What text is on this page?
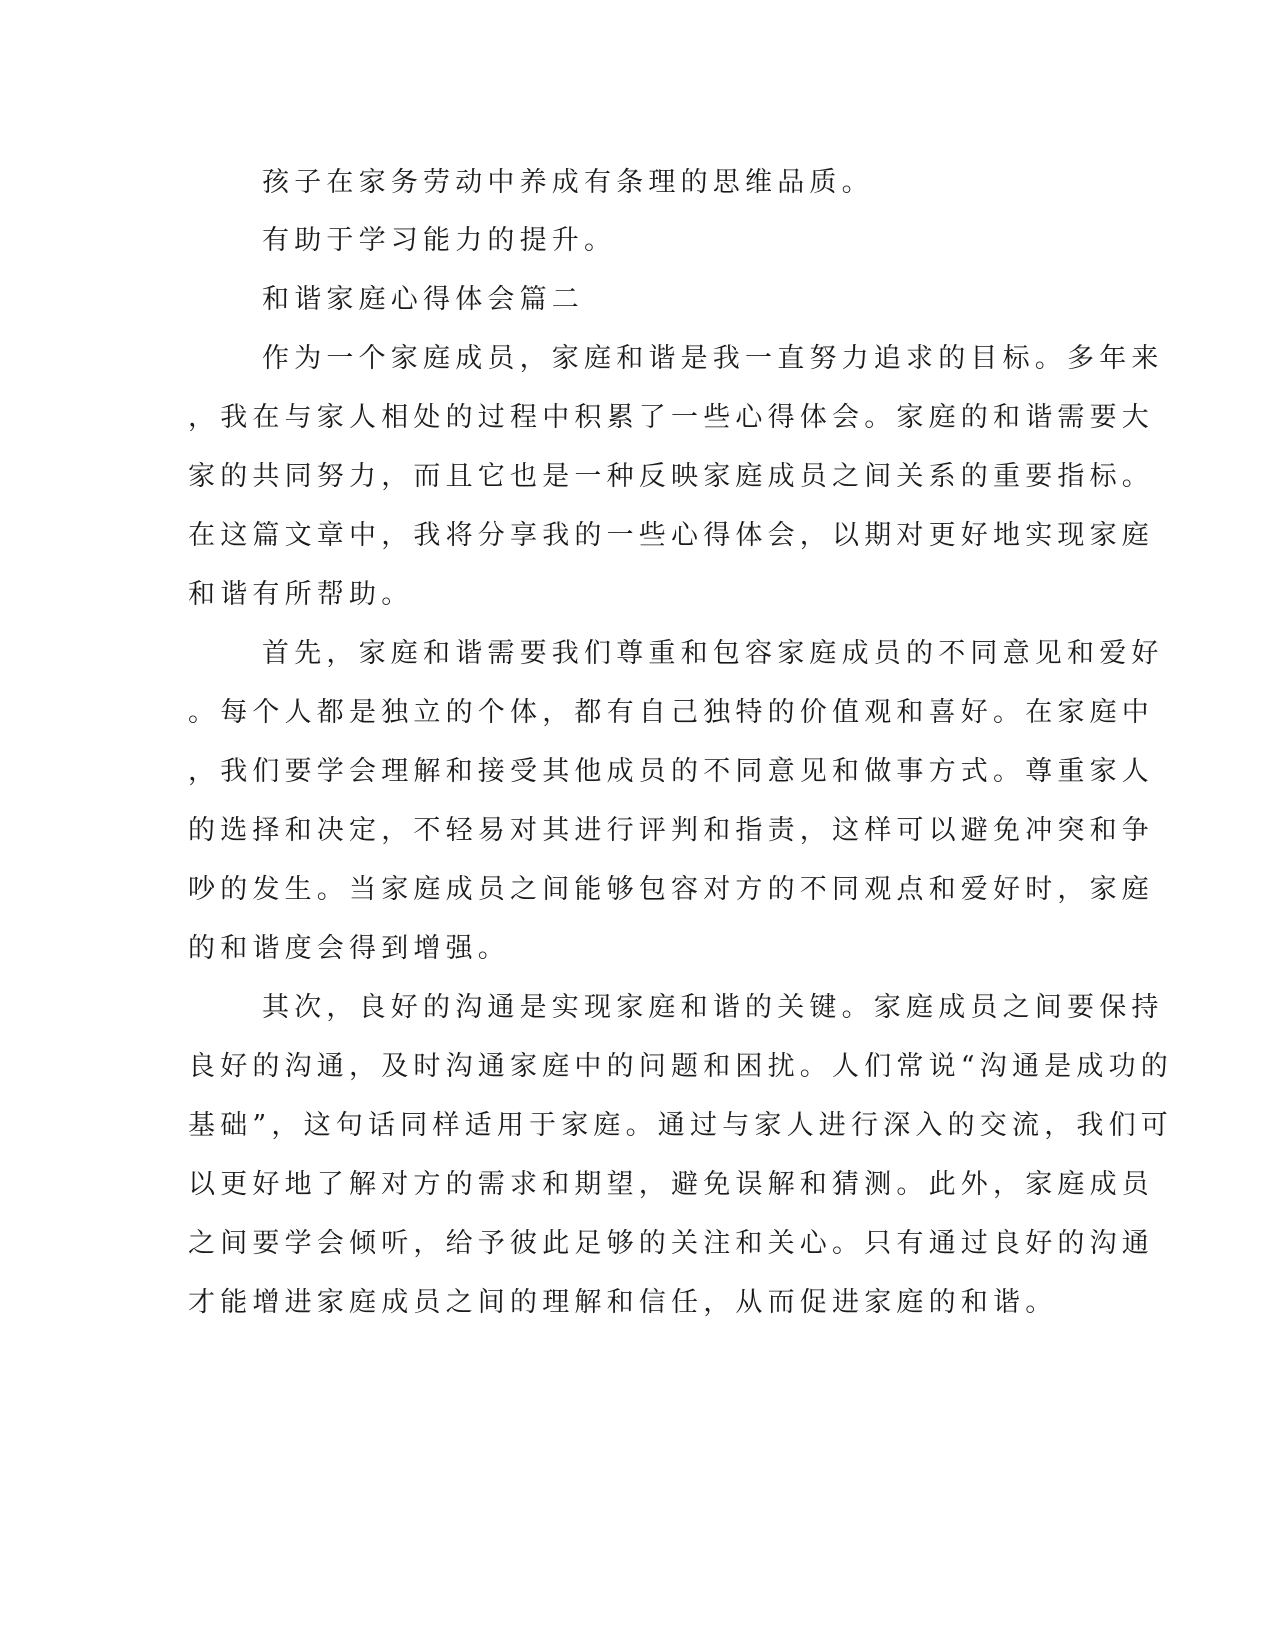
孩子在家务劳动中养成有条理的思维品质。
有助于学习能力的提升。
和谐家庭心得体会篇二
作为一个家庭成员，家庭和谐是我一直努力追求的目标。多年来
，我在与家人相处的过程中积累了一些心得体会。家庭的和谐需要大
家的共同努力，而且它也是一种反映家庭成员之间关系的重要指标。
在这篇文章中，我将分享我的一些心得体会，以期对更好地实现家庭
和谐有所帮助。
首先，家庭和谐需要我们尊重和包容家庭成员的不同意见和爱好
。每个人都是独立的个体，都有自己独特的价值观和喜好。在家庭中
，我们要学会理解和接受其他成员的不同意见和做事方式。尊重家人
的选择和决定，不轻易对其进行评判和指责，这样可以避免冲突和争
吵的发生。当家庭成员之间能够包容对方的不同观点和爱好时，家庭
的和谐度会得到增强。
其次，良好的沟通是实现家庭和谐的关键。家庭成员之间要保持
良好的沟通，及时沟通家庭中的问题和困扰。人们常说“沟通是成功的
基础”，这句话同样适用于家庭。通过与家人进行深入的交流，我们可
以更好地了解对方的需求和期望，避免误解和猜测。此外，家庭成员
之间要学会倾听，给予彼此足够的关注和关心。只有通过良好的沟通
才能增进家庭成员之间的理解和信任，从而促进家庭的和谐。
